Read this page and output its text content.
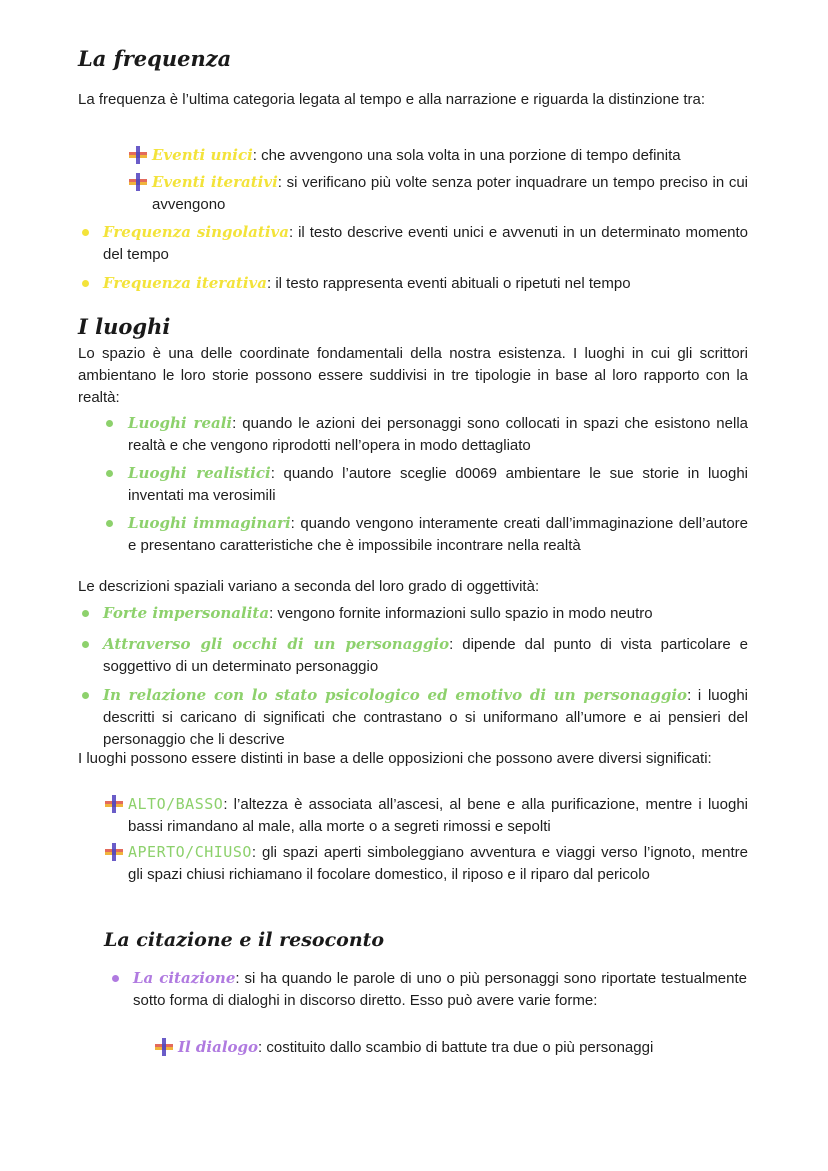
La frequenza
La frequenza è l’ultima categoria legata al tempo e alla narrazione e riguarda la distinzione tra:
Eventi unici: che avvengono una sola volta in una porzione di tempo definita
Eventi iterativi: si verificano più volte senza poter inquadrare un tempo preciso in cui avvengono
Frequenza singolativa: il testo descrive eventi unici e avvenuti in un determinato momento del tempo
Frequenza iterativa: il testo rappresenta eventi abituali o ripetuti nel tempo
I luoghi
Lo spazio è una delle coordinate fondamentali della nostra esistenza. I luoghi in cui gli scrittori ambientano le loro storie possono essere suddivisi in tre tipologie in base al loro rapporto con la realtà:
Luoghi reali: quando le azioni dei personaggi sono collocati in spazi che esistono nella realtà e che vengono riprodotti nell’opera in modo dettagliato
Luoghi realistici: quando l’autore sceglie d0069 ambientare le sue storie in luoghi inventati ma verosimili
Luoghi immaginari: quando vengono interamente creati dall’immaginazione dell’autore e presentano caratteristiche che è impossibile incontrare nella realtà
Le descrizioni spaziali variano a seconda del loro grado di oggettività:
Forte impersonalita: vengono fornite informazioni sullo spazio in modo neutro
Attraverso gli occhi di un personaggio: dipende dal punto di vista particolare e soggettivo di un determinato personaggio
In relazione con lo stato psicologico ed emotivo di un personaggio: i luoghi descritti si caricano di significati che contrastano o si uniformano all’umore e ai pensieri del personaggio che li descrive
I luoghi possono essere distinti in base a delle opposizioni che possono avere diversi significati:
ALTO/BASSO: l’altezza è associata all’ascesi, al bene e alla purificazione, mentre i luoghi bassi rimandano al male, alla morte o a segreti rimossi e sepolti
APERTO/CHIUSO: gli spazi aperti simboleggiano avventura e viaggi verso l’ignoto, mentre gli spazi chiusi richiamano il focolare domestico, il riposo e il riparo dal pericolo
La citazione e il resoconto
La citazione: si ha quando le parole di uno o più personaggi sono riportate testualmente sotto forma di dialoghi in discorso diretto. Esso può avere varie forme:
Il dialogo: costituito dallo scambio di battute tra due o più personaggi
